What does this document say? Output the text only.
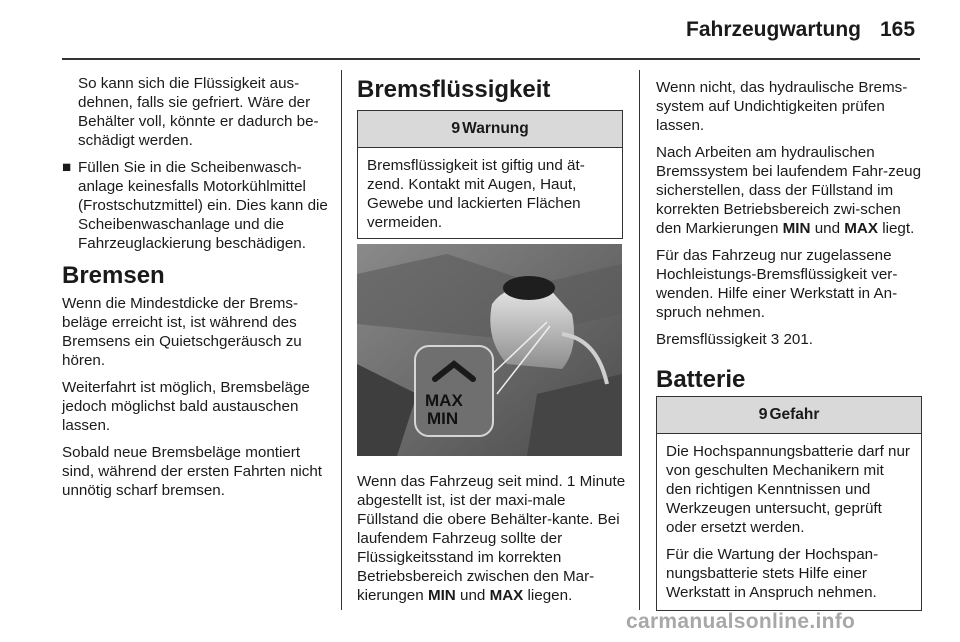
Fahrzeugwartung 165

So kann sich die Flüssigkeit aus-dehnen, falls sie gefriert. Wäre der Behälter voll, könnte er dadurch be-schädigt werden.

■ Füllen Sie in die Scheibenwasch-anlage keinesfalls Motorkühlmittel (Frostschutzmittel) ein. Dies kann die Scheibenwaschanlage und die Fahrzeuglackierung beschädigen.
Bremsen

Wenn die Mindestdicke der Brems-beläge erreicht ist, ist während des Bremsens ein Quietschgeräusch zu hören.

Weiterfahrt ist möglich, Bremsbeläge jedoch möglichst bald austauschen lassen.

Sobald neue Bremsbeläge montiert sind, während der ersten Fahrten nicht unnötig scharf bremsen.

Bremsflüssigkeit
9 Warnung
Bremsflüssigkeit ist giftig und ät-zend. Kontakt mit Augen, Haut, Gewebe und lackierten Flächen vermeiden.
MAX
MIN

Wenn das Fahrzeug seit mind. 1 Minute abgestellt ist, ist der maxi-male Füllstand die obere Behälter-kante. Bei laufendem Fahrzeug sollte der Flüssigkeitsstand im korrekten Betriebsbereich zwischen den Mar-kierungen MIN und MAX liegen.

Wenn nicht, das hydraulische Brems-system auf Undichtigkeiten prüfen lassen.

Nach Arbeiten am hydraulischen Bremssystem bei laufendem Fahr-zeug sicherstellen, dass der Füllstand im korrekten Betriebsbereich zwi-schen den Markierungen MIN und MAX liegt.

Für das Fahrzeug nur zugelassene Hochleistungs-Bremsflüssigkeit ver-wenden. Hilfe einer Werkstatt in An-spruch nehmen.

Bremsflüssigkeit 3 201.

Batterie
9 Gefahr

Die Hochspannungsbatterie darf nur von geschulten Mechanikern mit den richtigen Kenntnissen und Werkzeugen untersucht, geprüft oder ersetzt werden.

Für die Wartung der Hochspan-nungsbatterie stets Hilfe einer Werkstatt in Anspruch nehmen.

carmanualsonline.info
